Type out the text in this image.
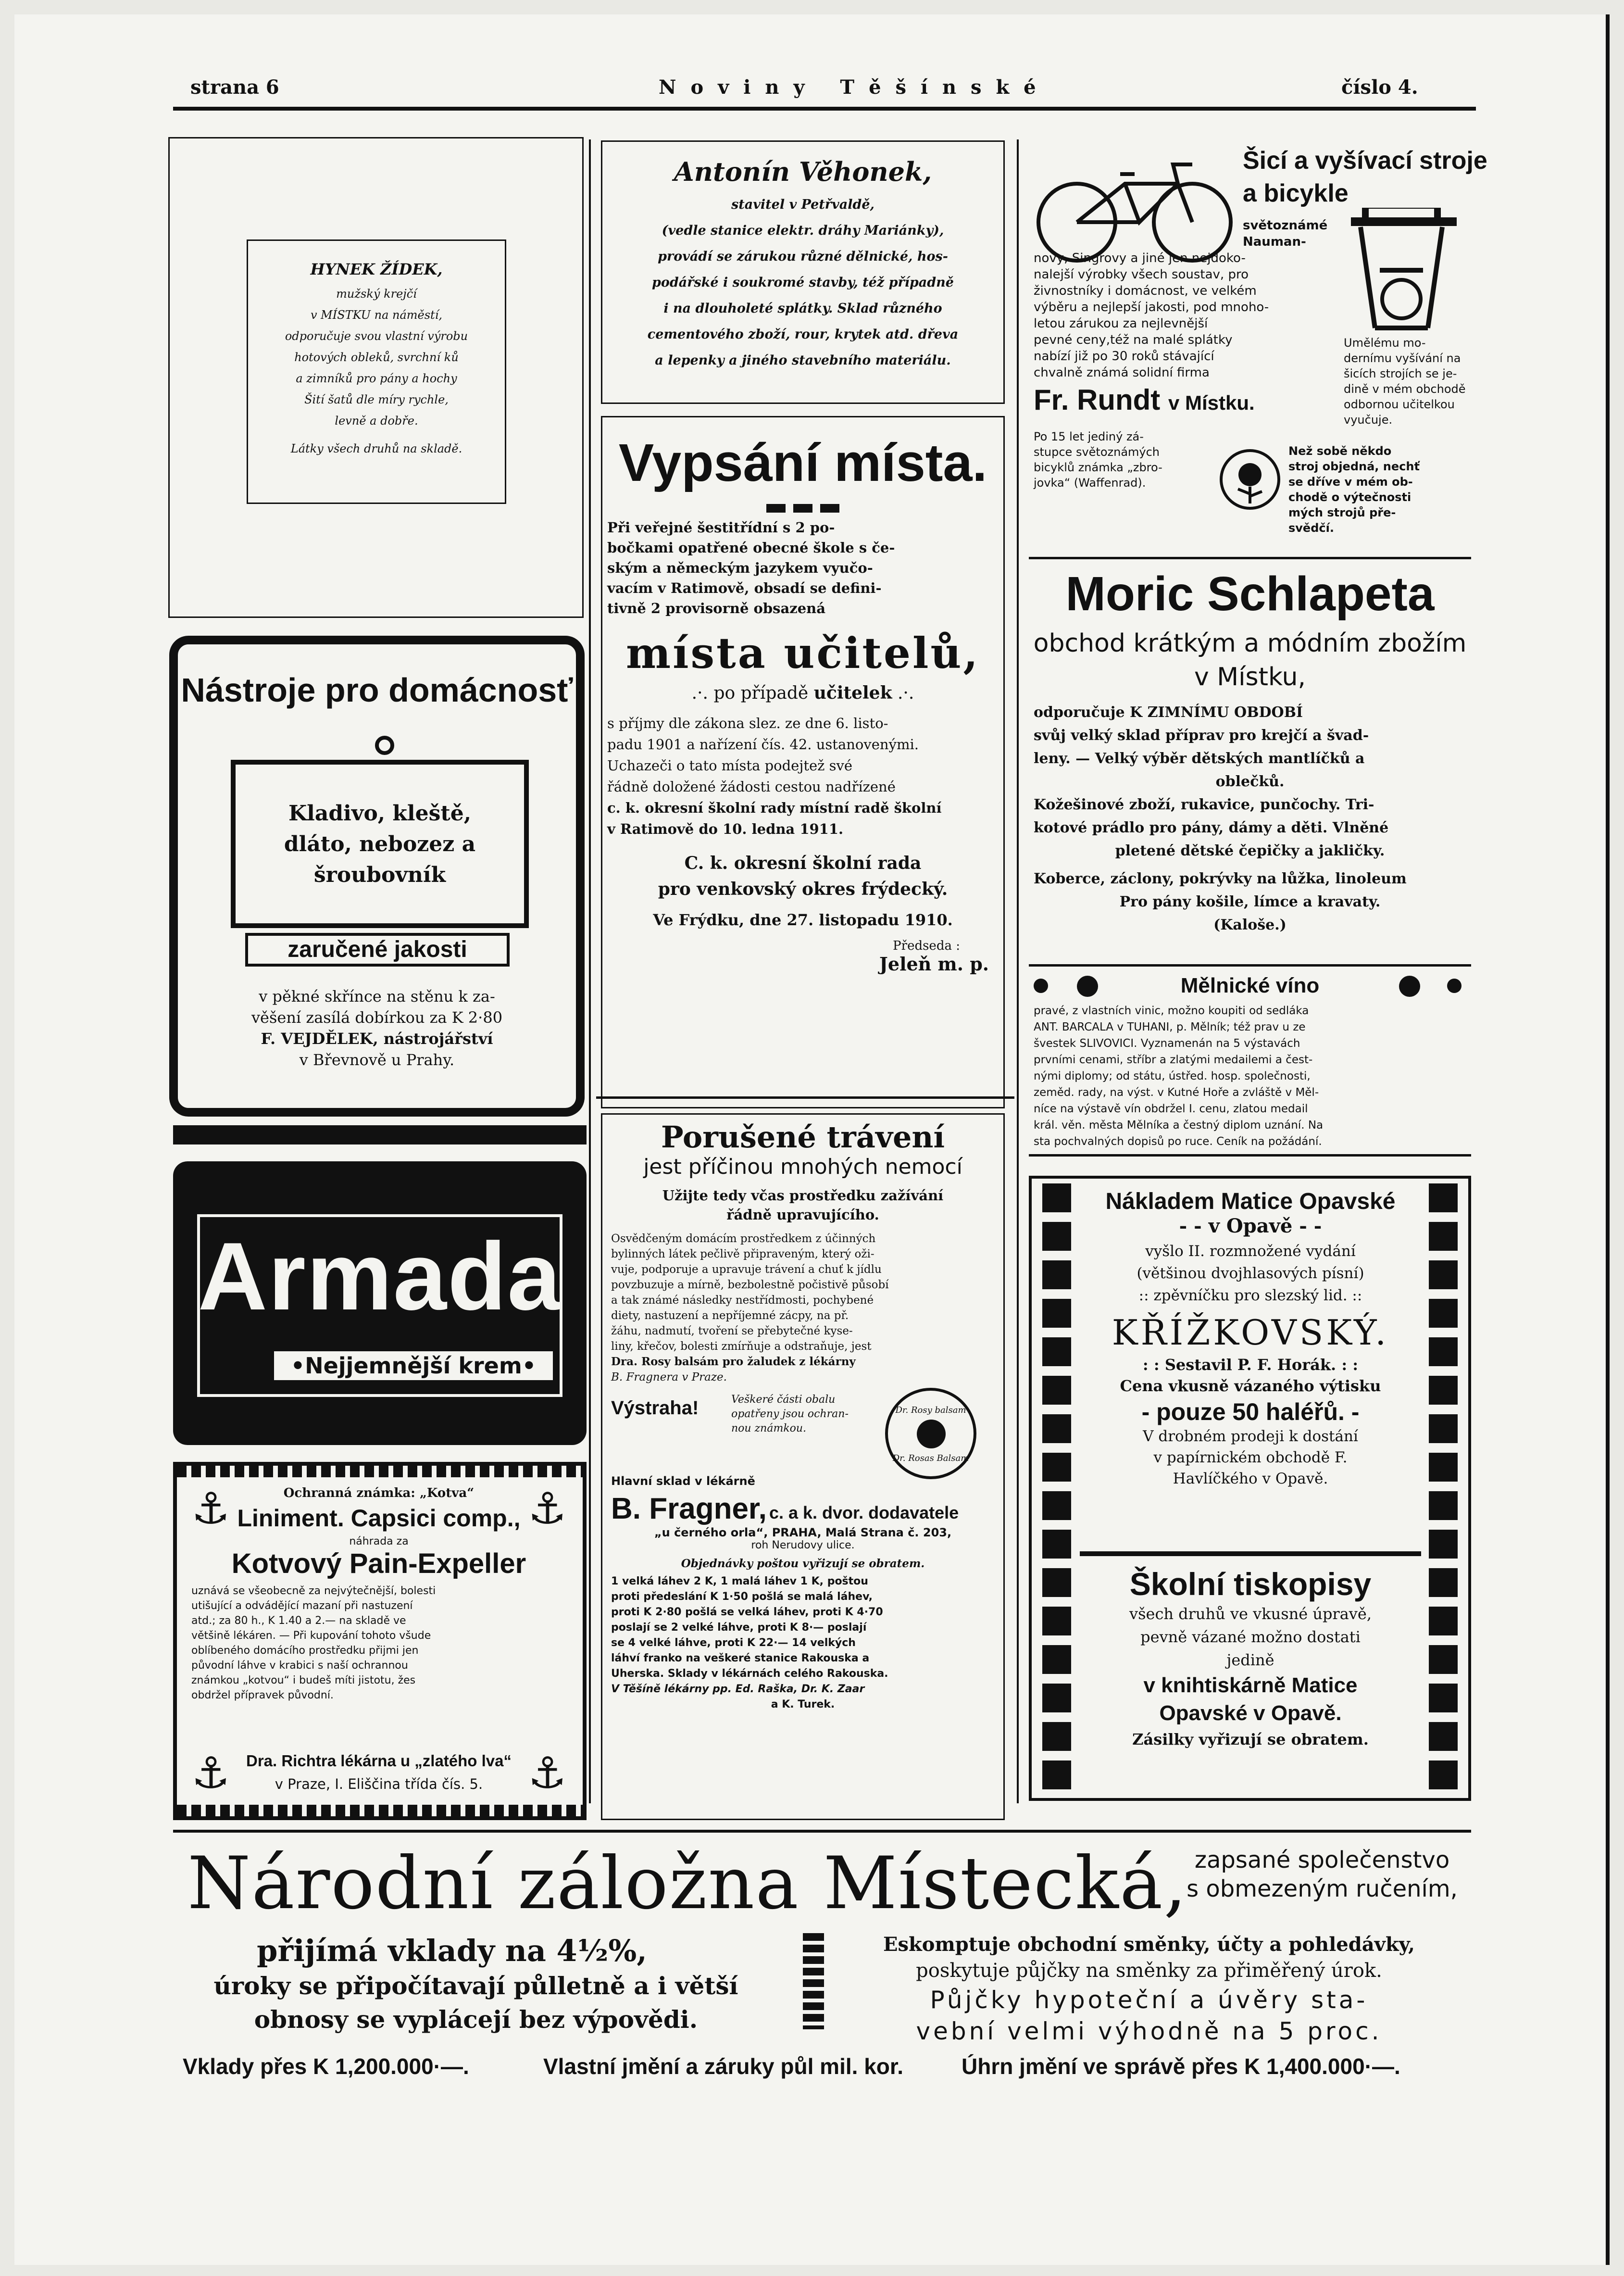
strana 6	N o v i n y   T ě š í n s k é	číslo 4.
HYNEK ŽÍDEK,
mužský krejčí
v MÍSTKU na náměstí,
odporučuje svou vlastní výrobu
hotových obleků, svrchní ků
a zimníků pro pány a hochy
Šití šatů dle míry rychle,
levně a dobře.
Látky všech druhů na skladě.
Antonín Věhonek,
stavitel v Petřvaldě,
(vedle stanice elektr. dráhy Mariánky),
provádí se zárukou různé dělnické, hos-
podářské i soukromé stavby, též případně
i na dlouholeté splátky. Sklad různého
cementového zboží, rour, krytek atd. dřeva
a lepenky a jiného stavebního materiálu.
Šicí a vyšívací stroje
a bicykle
světoznámé
Nauman-
novy, Singrovy a jiné jen nejdoko-
nalejší výrobky všech soustav, pro
živnostníky i domácnost, ve velkém
výběru a nejlepší jakosti, pod mnoho-
letou zárukou za nejlevnější
pevné ceny,též na malé splátky
nabízí již po 30 roků stávající
chvalně známá solidní firma
Umělému mo-
dernímu vyšívání na
šicích strojích se je-
dině v mém obchodě
odbornou učitelkou
vyučuje.
Fr. Rundt v Místku.
Po 15 let jediný zá-
stupce světoznámých
bicyklů známka „zbro-
jovka“ (Waffenrad).
Než sobě někdo
stroj objedná, nechť
se dříve v mém ob-
chodě o výtečnosti
mých strojů pře-
svědčí.
Vypsání místa.
Při veřejné šestitřídní s 2 po-
bočkami opatřené obecné škole s če-
ským a německým jazykem vyučo-
vacím v Ratimově, obsadí se defini-
tivně 2 provisorně obsazená
místa učitelů,
.·. po případě učitelek .·.
s příjmy dle zákona slez. ze dne 6. listo-
padu 1901 a nařízení čís. 42. ustanovenými.
Uchazeči o tato místa podejtež své
řádně doložené žádosti cestou nadřízené
c. k. okresní školní rady místní radě školní
v Ratimově do 10. ledna 1911.
C. k. okresní školní rada
pro venkovský okres frýdecký.
Ve Frýdku, dne 27. listopadu 1910.
Předseda :
Jeleň m. p.
Moric Schlapeta
obchod krátkým a módním zbožím
v Místku,
odporučuje K ZIMNÍMU OBDOBÍ
svůj velký sklad příprav pro krejčí a švad-
leny. — Velký výběr dětských mantlíčků a
oblečků.
Kožešinové zboží, rukavice, punčochy. Tri-
kotové prádlo pro pány, dámy a děti. Vlněné
pletené dětské čepičky a jakličky.
Koberce, záclony, pokrývky na lůžka, linoleum
Pro pány košile, límce a kravaty.
(Kaloše.)
Nástroje pro domácnosť
Kladivo, kleště,
dláto, nebozez a
šroubovník
zaručené jakosti
v pěkné skřínce na stěnu k za-
věšení zasílá dobírkou za K 2·80
F. VEJDĚLEK, nástrojářství
v Břevnově u Prahy.
Mělnické víno
pravé, z vlastních vinic, možno koupiti od sedláka
ANT. BARCALA v TUHANI, p. Mělník; též prav u ze
švestek SLIVOVICI. Vyznamenán na 5 výstavách
prvními cenami, stříbr a zlatými medailemi a čest-
nými diplomy; od státu, ústřed. hosp. společnosti,
zeměd. rady, na výst. v Kutné Hoře a zvláště v Měl-
níce na výstavě vín obdržel I. cenu, zlatou medail
král. věn. města Mělníka a čestný diplom uznání. Na
sta pochvalných dopisů po ruce. Ceník na požádání.
Armada
•Nejjemnější krem•
Porušené trávení
jest příčinou mnohých nemocí
Užijte tedy včas prostředku zažívání
řádně upravujícího.
Osvědčeným domácím prostředkem z účinných
bylinných látek pečlivě připraveným, který oži-
vuje, podporuje a upravuje trávení a chuť k jídlu
povzbuzuje a mírně, bezbolestně počistivě působí
a tak známé následky nestřídmosti, pochybené
diety, nastuzení a nepříjemné zácpy, na př.
žáhu, nadmutí, tvoření se přebytečné kyse-
liny, křečov, bolesti zmírňuje a odstraňuje, jest
Dra. Rosy balsám pro žaludek z lékárny
B. Fragnera v Praze.
Výstraha!	Veškeré části obalu
opatřeny jsou ochran-
nou známkou.
Dr. Rosy balsam
Dr. Rosas Balsam
Hlavní sklad v lékárně
B. Fragner, c. a k. dvor. dodavatele
„u černého orla“, PRAHA, Malá Strana č. 203,
roh Nerudovy ulice.
Objednávky poštou vyřizují se obratem.
1 velká láhev 2 K, 1 malá láhev 1 K, poštou
proti předeslání K 1·50 pošlá se malá láhev,
proti K 2·80 pošlá se velká láhev, proti K 4·70
poslají se 2 velké láhve, proti K 8·— poslají
se 4 velké láhve, proti K 22·— 14 velkých
láhví franko na veškeré stanice Rakouska a
Uherska. Sklady v lékárnách celého Rakouska.
V Těšíně lékárny pp. Ed. Raška, Dr. K. Zaar
a K. Turek.
Nákladem Matice Opavské
- - v Opavě - -
vyšlo II. rozmnožené vydání
(většinou dvojhlasových písní)
:: zpěvníčku pro slezský lid. ::
KŘÍŽKOVSKÝ.
: : Sestavil P. F. Horák. : :
Cena vkusně vázaného výtisku
- pouze 50 haléřů. -
V drobném prodeji k dostání
v papírnickém obchodě F.
Havlíčkého v Opavě.
Školní tiskopisy
všech druhů ve vkusné úpravě,
pevně vázané možno dostati
jedině
v knihtiskárně Matice
Opavské v Opavě.
Zásilky vyřizují se obratem.
⚓	⚓
⚓	⚓
Ochranná známka: „Kotva“
Liniment. Capsici comp.,
náhrada za
Kotvový Pain-Expeller
uznává se všeobecně za nejvýtečnější, bolesti
utišující a odvádějící mazaní při nastuzení
atd.; za 80 h., K 1.40 a 2.— na skladě ve
většině lékáren. — Při kupování tohoto všude
oblíbeného domácího prostředku přijmi jen
původní láhve v krabici s naší ochrannou
známkou „kotvou“ i budeš míti jistotu, žes
obdržel přípravek původní.
Dra. Richtra lékárna u „zlatého lva“
v Praze, I. Eliščina třída čís. 5.
Národní záložna Místecká, zapsané společenstvo
s obmezeným ručením,
přijímá vklady na 4½%,
úroky se připočítavají půlletně a i větší
obnosy se vyplácejí bez výpovědi.
Eskomptuje obchodní směnky, účty a pohledávky,
poskytuje půjčky na směnky za přiměřený úrok.
Půjčky hypoteční a úvěry sta-
vební velmi výhodně na 5 proc.
Vklady přes K 1,200.000·—.	Vlastní jmění a záruky půl mil. kor.	Úhrn jmění ve správě přes K 1,400.000·—.
